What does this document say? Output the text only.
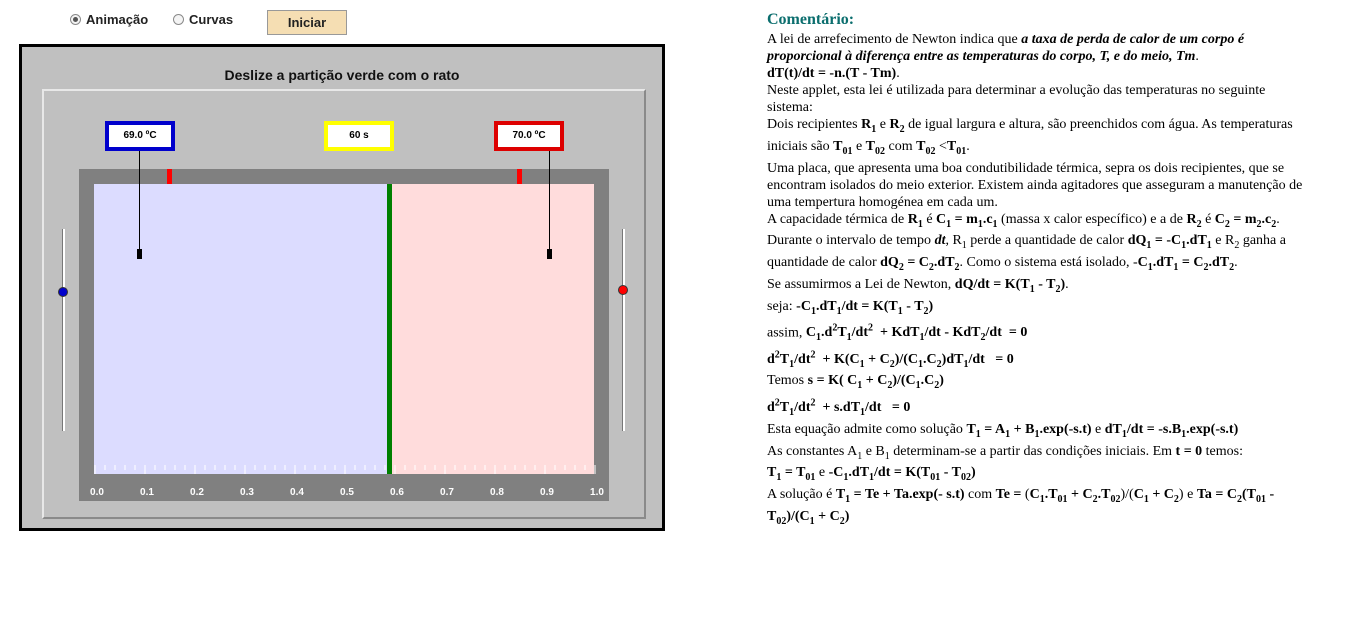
Animação	Curvas	Iniciar
Deslize a partição verde com o rato
69.0 ºC	60 s	70.0 ºC
0.0	0.1	0.2	0.3	0.4	0.5	0.6	0.7	0.8	0.9	1.0
Comentário:

A lei de arrefecimento de Newton indica que a taxa de perda de calor de um corpo é proporcional à diferença entre as temperaturas do corpo, T, e do meio, Tm.
dT(t)/dt = -n.(T - Tm).

Neste applet, esta lei é utilizada para determinar a evolução das temperaturas no seguinte sistema:

Dois recipientes $R_1$ e $R_2$ de igual largura e altura, são preenchidos com água. As temperaturas iniciais são $T_{01}$ e $T_{02}$ com $T_{02} <T_{01}$.

Uma placa, que apresenta uma boa condutibilidade térmica, sepra os dois recipientes, que se encontram isolados do meio exterior. Existem ainda agitadores que asseguram a manutenção de uma tempertura homogénea em cada um.

A capacidade térmica de $R_1$ é $C_1 = m_1.c_1$ (massa x calor específico) e a de $R_2$ é $C_2 = m_2.c_2$.

Durante o intervalo de tempo dt, $R_1$ perde a quantidade de calor $dQ_1 = -C_1.dT_1$ e $R_2$ ganha a quantidade de calor $dQ_2 = C_2.dT_2$. Como o sistema está isolado, $-C_1.dT_1 = C_2.dT_2$.

Se assumirmos a Lei de Newton, $dQ/dt = K(T_1 - T_2)$.

seja: $-C_1.dT_1/dt = K(T_1 - T_2)$

assim, $C_1.d^2T_1/dt^2 + KdT_1/dt - KdT_2/dt = 0$

$d^2T_1/dt^2 + K(C_1 + C_2)/(C_1.C_2)dT_1/dt = 0$

Temos s = K( $C_1 + C_2)/(C_1.C_2)$

$d^2T_1/dt^2 + s.dT_1/dt = 0$

Esta equação admite como solução $T_1 = A_1 + B_1.\exp(-s.t)$ e $dT_1/dt = -s.B_1.\exp(-s.t)$

As constantes $A_1$ e $B_1$ determinam-se a partir das condições iniciais. Em t = 0 temos:

$T_1 = T_{01}$ e $-C_1.dT_1/dt = K(T_{01} - T_{02})$

A solução é $T_1 = Te + Ta.\exp(-$ s.t) com $Te = (C_1.T_{01} + C_2.T_{02})/(C_1 + C_2)$ e $Ta = C_2(T_{01} - T_{02})/(C_1 + C_2)$
